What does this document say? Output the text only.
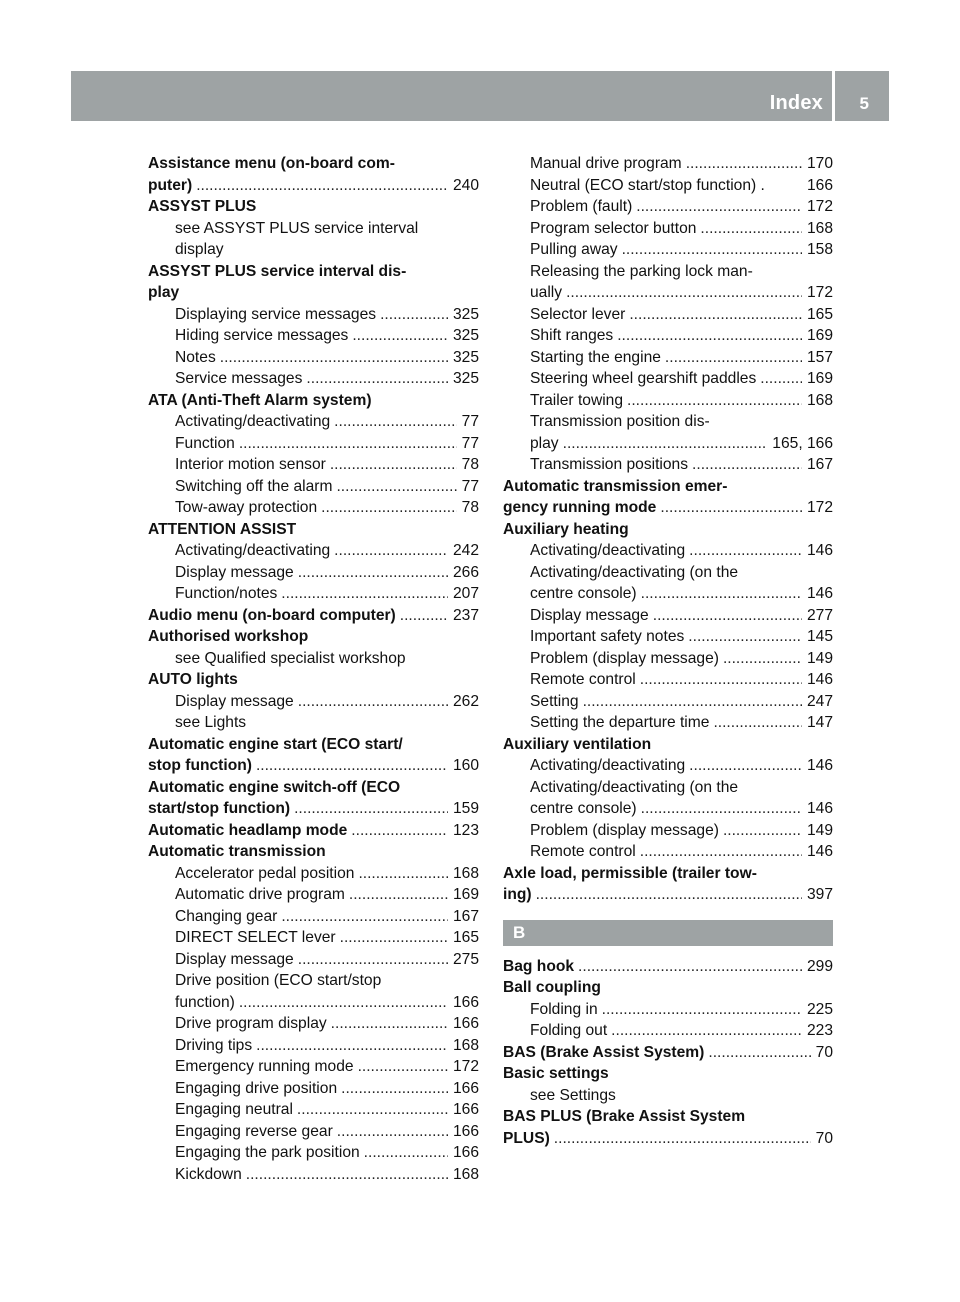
Index 5
Assistance menu (on-board com-
puter) .....	240
ASSYST PLUS
see ASSYST PLUS service interval
display
ASSYST PLUS service interval dis-
play
Displaying service messages .....	325
Hiding service messages .....	325
Notes .....	325
Service messages .....	325
ATA (Anti-Theft Alarm system)
Activating/deactivating .....	77
Function .....	77
Interior motion sensor .....	78
Switching off the alarm .....	77
Tow-away protection .....	78
ATTENTION ASSIST
Activating/deactivating .....	242
Display message .....	266
Function/notes .....	207
Audio menu (on-board computer) .....	237
Authorised workshop
see Qualified specialist workshop
AUTO lights
Display message .....	262
see Lights
Automatic engine start (ECO start/
stop function) .....	160
Automatic engine switch-off (ECO
start/stop function) .....	159
Automatic headlamp mode .....	123
Automatic transmission
Accelerator pedal position .....	168
Automatic drive program .....	169
Changing gear .....	167
DIRECT SELECT lever .....	165
Display message .....	275
Drive position (ECO start/stop
function) .....	166
Drive program display .....	166
Driving tips .....	168
Emergency running mode .....	172
Engaging drive position .....	166
Engaging neutral .....	166
Engaging reverse gear .....	166
Engaging the park position .....	166
Kickdown .....	168
Manual drive program .....	170
Neutral (ECO start/stop function) .	166
Problem (fault) .....	172
Program selector button .....	168
Pulling away .....	158
Releasing the parking lock man-
ually .....	172
Selector lever .....	165
Shift ranges .....	169
Starting the engine .....	157
Steering wheel gearshift paddles .....	169
Trailer towing .....	168
Transmission position dis-
play .....	165, 166
Transmission positions .....	167
Automatic transmission emer-
gency running mode .....	172
Auxiliary heating
Activating/deactivating .....	146
Activating/deactivating (on the
centre console) .....	146
Display message .....	277
Important safety notes .....	145
Problem (display message) .....	149
Remote control .....	146
Setting .....	247
Setting the departure time .....	147
Auxiliary ventilation
Activating/deactivating .....	146
Activating/deactivating (on the
centre console) .....	146
Problem (display message) .....	149
Remote control .....	146
Axle load, permissible (trailer tow-
ing) .....	397
B
Bag hook .....	299
Ball coupling
Folding in .....	225
Folding out .....	223
BAS (Brake Assist System) .....	70
Basic settings
see Settings
BAS PLUS (Brake Assist System
PLUS) .....	70
